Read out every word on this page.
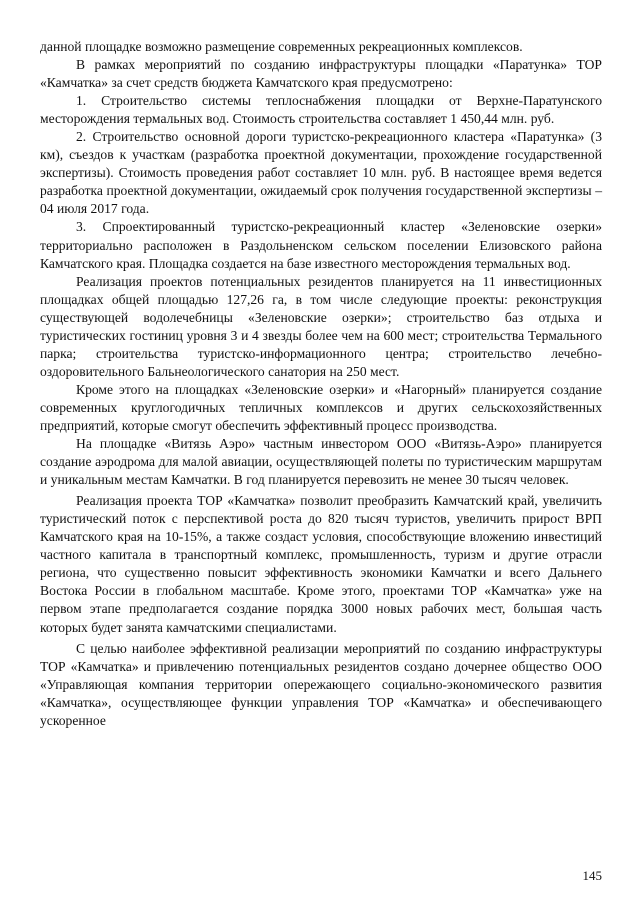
данной площадке возможно размещение современных рекреационных комплексов.

В рамках мероприятий по созданию инфраструктуры площадки «Паратунка» ТОР «Камчатка» за счет средств бюджета Камчатского края предусмотрено:

1. Строительство системы теплоснабжения площадки от Верхне-Паратунского месторождения термальных вод. Стоимость строительства составляет 1 450,44 млн. руб.

2. Строительство основной дороги туристско-рекреационного кластера «Паратунка» (3 км), съездов к участкам (разработка проектной документации, прохождение государственной экспертизы). Стоимость проведения работ составляет 10 млн. руб. В настоящее время ведется разработка проектной документации, ожидаемый срок получения государственной экспертизы – 04 июля 2017 года.

3. Спроектированный туристско-рекреационный кластер «Зеленовские озерки» территориально расположен в Раздольненском сельском поселении Елизовского района Камчатского края. Площадка создается на базе известного месторождения термальных вод.

Реализация проектов потенциальных резидентов планируется на 11 инвестиционных площадках общей площадью 127,26 га, в том числе следующие проекты: реконструкция существующей водолечебницы «Зеленовские озерки»; строительство баз отдыха и туристических гостиниц уровня 3 и 4 звезды более чем на 600 мест; строительства Термального парка; строительства туристско-информационного центра; строительство лечебно-оздоровительного Бальнеологического санатория на 250 мест.

Кроме этого на площадках «Зеленовские озерки» и «Нагорный» планируется создание современных круглогодичных тепличных комплексов и других сельскохозяйственных предприятий, которые смогут обеспечить эффективный процесс производства.

На площадке «Витязь Аэро» частным инвестором ООО «Витязь-Аэро» планируется создание аэродрома для малой авиации, осуществляющей полеты по туристическим маршрутам и уникальным местам Камчатки. В год планируется перевозить не менее 30 тысяч человек.

Реализация проекта ТОР «Камчатка» позволит преобразить Камчатский край, увеличить туристический поток с перспективой роста до 820 тысяч туристов, увеличить прирост ВРП Камчатского края на 10-15%, а также создаст условия, способствующие вложению инвестиций частного капитала в транспортный комплекс, промышленность, туризм и другие отрасли региона, что существенно повысит эффективность экономики Камчатки и всего Дальнего Востока России в глобальном масштабе. Кроме этого, проектами ТОР «Камчатка» уже на первом этапе предполагается создание порядка 3000 новых рабочих мест, большая часть которых будет занята камчатскими специалистами.

С целью наиболее эффективной реализации мероприятий по созданию инфраструктуры ТОР «Камчатка» и привлечению потенциальных резидентов создано дочернее общество ООО «Управляющая компания территории опережающего социально-экономического развития «Камчатка», осуществляющее функции управления ТОР «Камчатка» и обеспечивающего ускоренное

145
